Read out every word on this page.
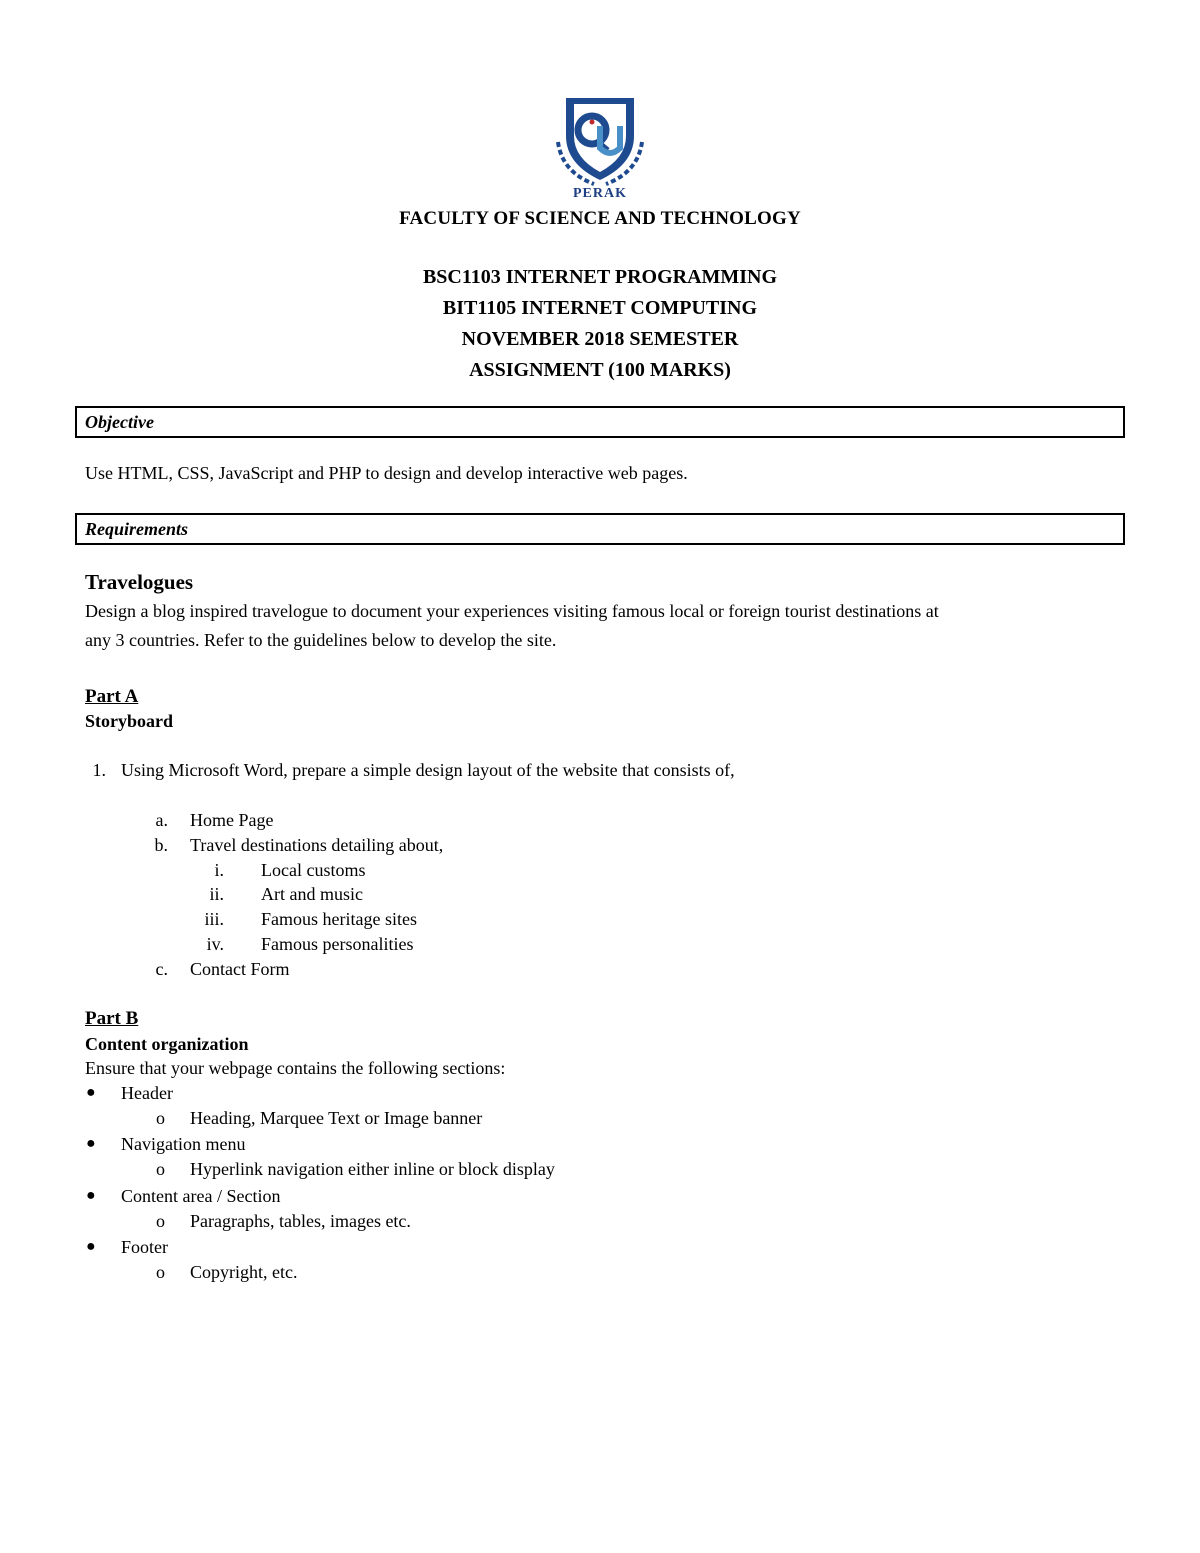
PERAK
FACULTY OF SCIENCE AND TECHNOLOGY
BSC1103 INTERNET PROGRAMMING
BIT1105 INTERNET COMPUTING
NOVEMBER 2018 SEMESTER
ASSIGNMENT (100 MARKS)
Objective
Use HTML, CSS, JavaScript and PHP to design and develop interactive web pages.
Requirements
Travelogues
Design a blog inspired travelogue to document your experiences visiting famous local or foreign tourist destinations at
any 3 countries. Refer to the guidelines below to develop the site.
Part A
Storyboard
1. Using Microsoft Word, prepare a simple design layout of the website that consists of,
a. Home Page
b. Travel destinations detailing about,
i. Local customs
ii. Art and music
iii. Famous heritage sites
iv. Famous personalities
c. Contact Form
Part B
Content organization
Ensure that your webpage contains the following sections:
● Header
o Heading, Marquee Text or Image banner
● Navigation menu
o Hyperlink navigation either inline or block display
● Content area / Section
o Paragraphs, tables, images etc.
● Footer
o Copyright, etc.
